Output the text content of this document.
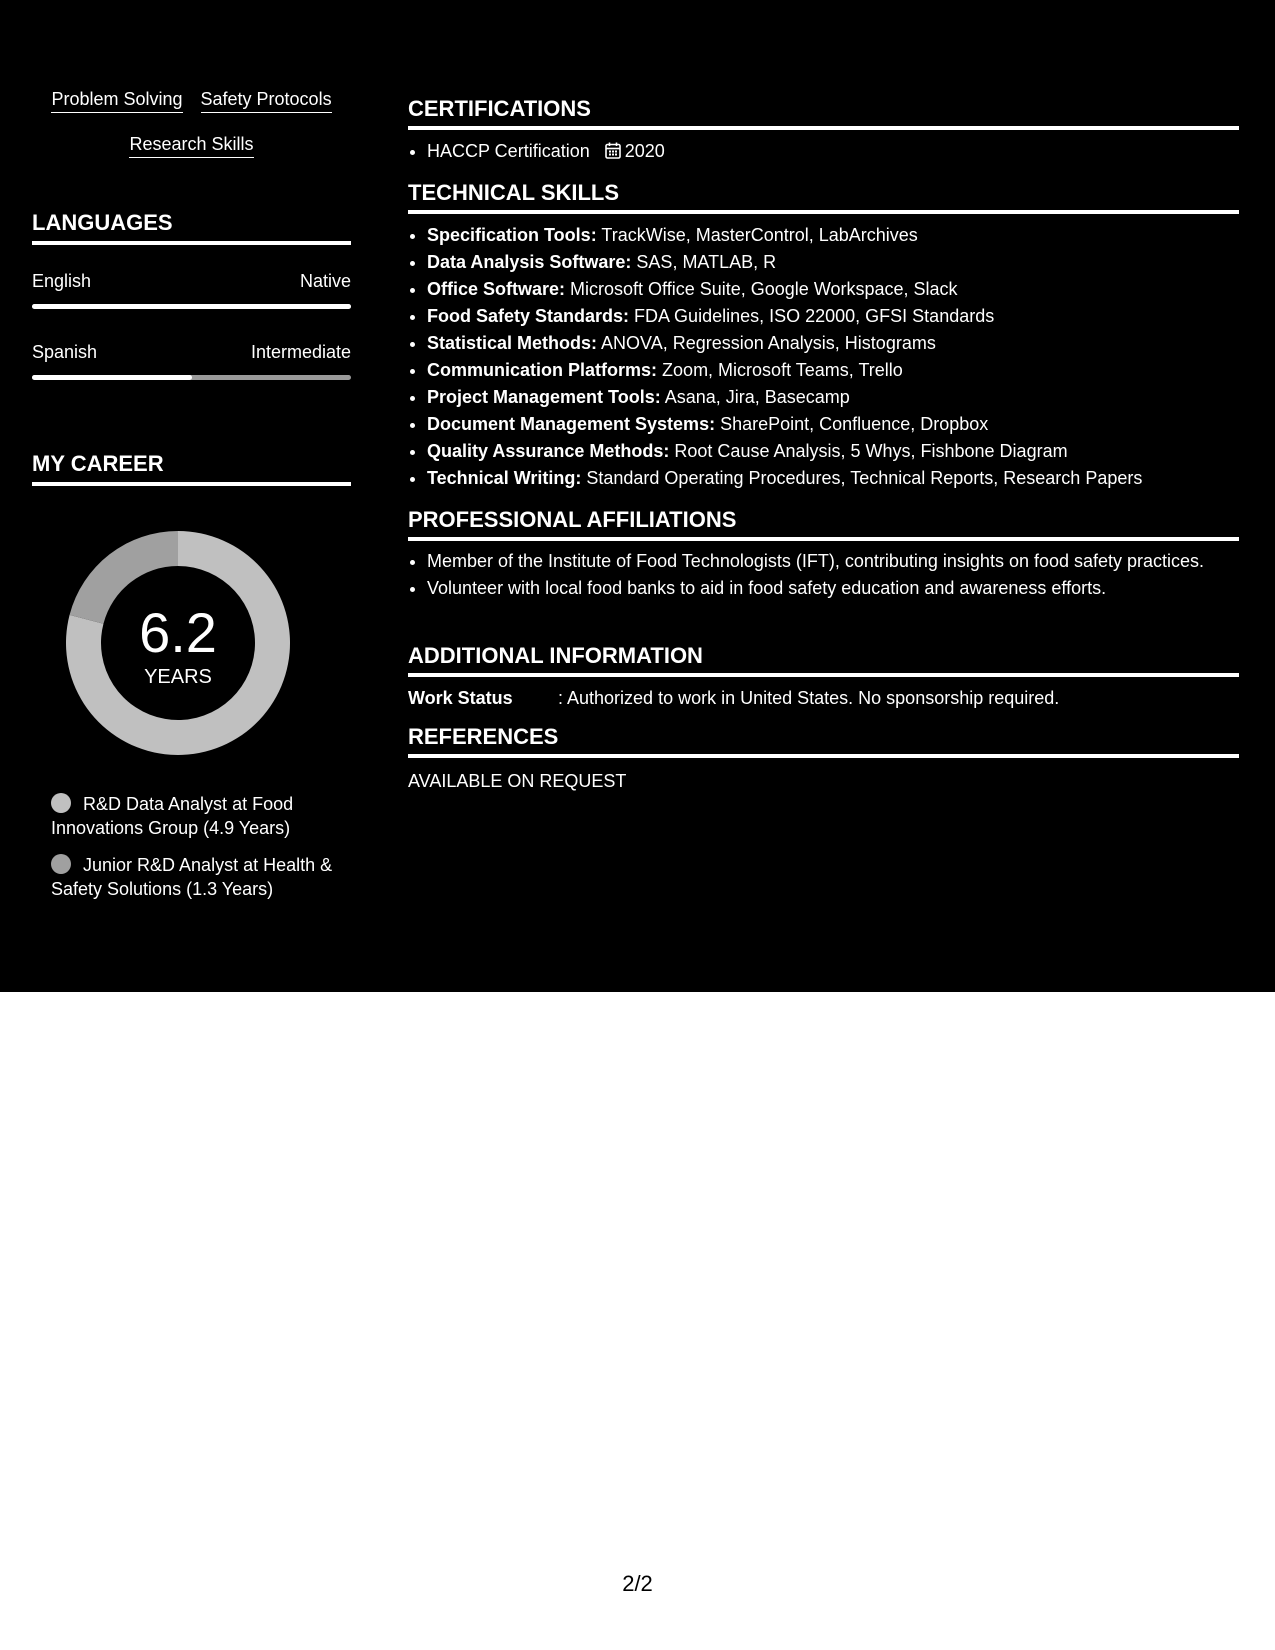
Problem Solving Safety Protocols
Research Skills
LANGUAGES
English	Native
Spanish	Intermediate
MY CAREER
6.2
YEARS
R&D Data Analyst at Food Innovations Group (4.9 Years)
Junior R&D Analyst at Health & Safety Solutions (1.3 Years)
CERTIFICATIONS
• HACCP Certification 2020
TECHNICAL SKILLS
• Specification Tools: TrackWise, MasterControl, LabArchives
• Data Analysis Software: SAS, MATLAB, R
• Office Software: Microsoft Office Suite, Google Workspace, Slack
• Food Safety Standards: FDA Guidelines, ISO 22000, GFSI Standards
• Statistical Methods: ANOVA, Regression Analysis, Histograms
• Communication Platforms: Zoom, Microsoft Teams, Trello
• Project Management Tools: Asana, Jira, Basecamp
• Document Management Systems: SharePoint, Confluence, Dropbox
• Quality Assurance Methods: Root Cause Analysis, 5 Whys, Fishbone Diagram
• Technical Writing: Standard Operating Procedures, Technical Reports, Research Papers
PROFESSIONAL AFFILIATIONS
• Member of the Institute of Food Technologists (IFT), contributing insights on food safety practices.
• Volunteer with local food banks to aid in food safety education and awareness efforts.
ADDITIONAL INFORMATION
Work Status	: Authorized to work in United States. No sponsorship required.
REFERENCES
AVAILABLE ON REQUEST
2/2
